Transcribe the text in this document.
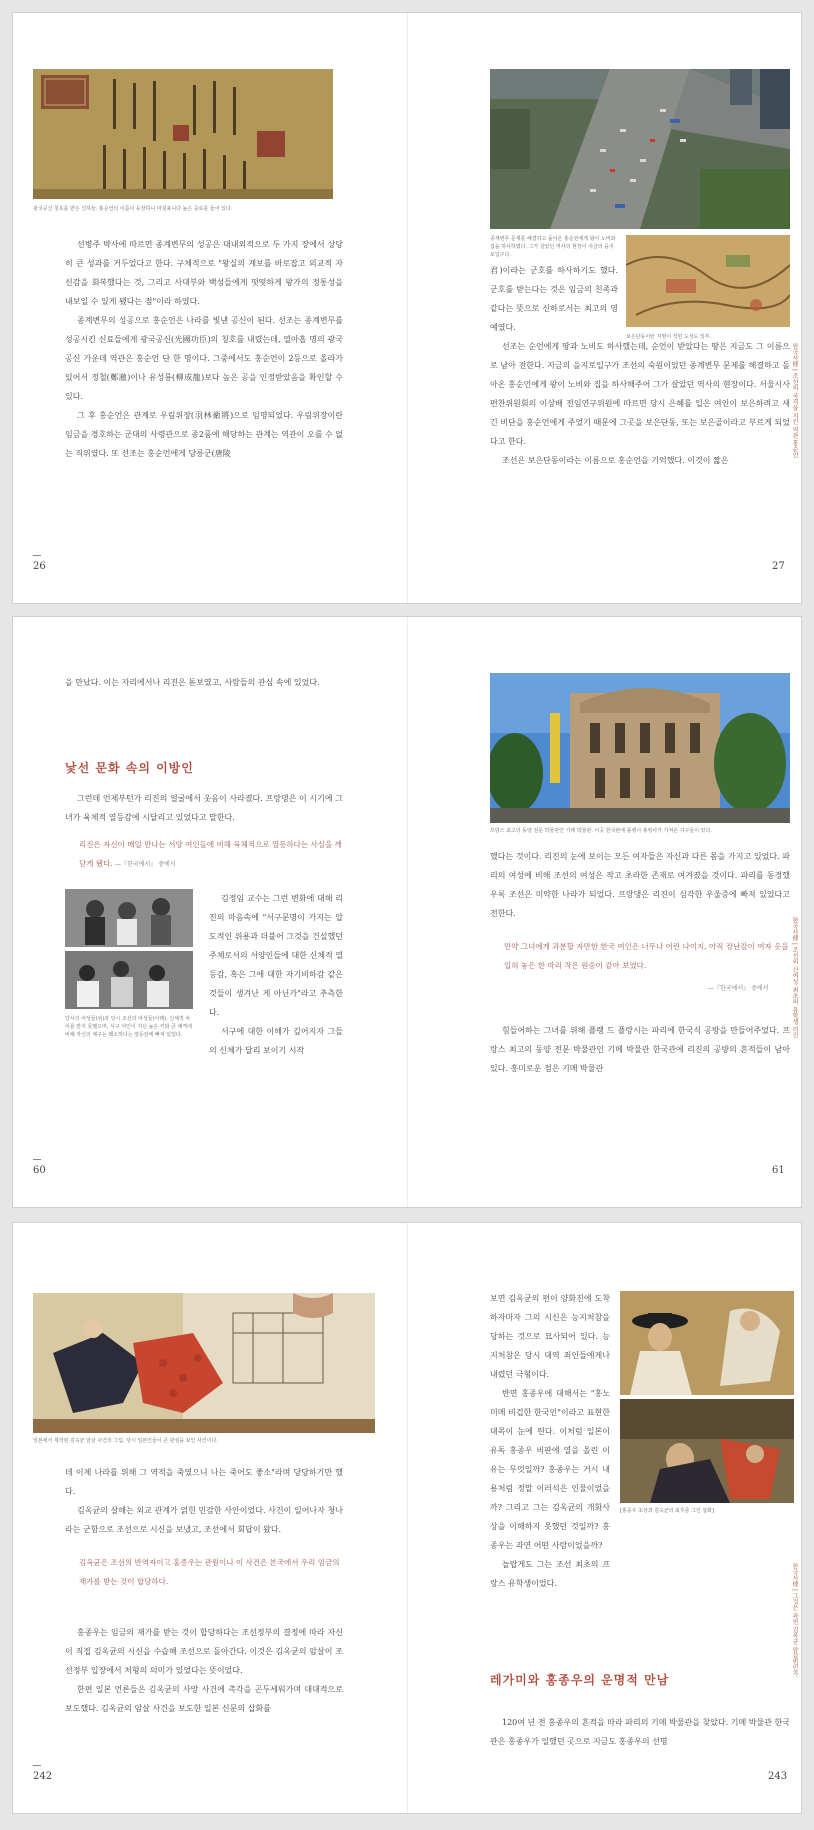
광국공신 칭호를 받은 신하들. 홍순언의 이름이 등장하니 마침표니다 높은 공로를 들어 있다.

선병주 박사에 따르면 종계변무의 성공은 대내외적으로 두 가지 장에서 상당히 큰 성과를 거두었다고 한다. 구체적으로 "왕실의 계보를 바로잡고 외교적 자신감을 회복했다는 것, 그리고 사대부와 백성들에게 떳떳하게 왕가의 정통성을 내보일 수 있게 됐다는 점"이라 하였다.

종계변무의 성공으로 홍순언은 나라를 빛낸 공신이 된다. 선조는 종계변무를 성공시킨 신료들에게 광국공신(光國功臣)의 칭호를 내렸는데, 열아홉 명의 광국공신 가운데 역관은 홍순언 단 한 명이다. 그중에서도 홍순언이 2등으로 올라가 있어서 정철(鄭澈)이나 유성룡(柳成龍)보다 높은 공을 인정받았음을 확인할 수 있다.

그 후 홍순언은 관계로 우림위장(羽林衛將)으로 임명되었다. 우림위장이란 임금을 경호하는 군대의 사령관으로 종2품에 해당하는 관계는 역관이 오를 수 없는 직위였다. 또 선조는 홍순언에게 당릉군(唐陵

26
종계변무 문제를 해결하고 돌아온 홍순언에게 왕이 노비와 집을 하사하였다. 그가 살았던 역사의 현장이 지금의 을지로입구다.
보은단동이란 지명이 적힌 도성도 일부.

君)이라는 군호를 하사하기도 했다. 군호를 받는다는 것은 임금의 친족과 같다는 뜻으로 신하로서는 최고의 영예였다.

선조는 순언에게 땅과 노비도 하사했는데, 순언이 받았다는 땅은 지금도 그 이름으로 남아 전한다. 지금의 을지로입구가 조선의 숙원이었던 종계변무 문제를 해결하고 돌아온 홍순언에게 왕이 노비와 집을 하사해주어 그가 살았던 역사의 현장이다. 서울시사편찬위원회의 이상배 전임연구위원에 따르면 당시 은혜를 입은 여인이 보은하려고 새긴 비단을 홍순언에게 주었기 때문에 그곳을 보은단동, 또는 보은골이라고 부르게 되었다고 한다.

조선은 보은단동이라는 이름으로 홍순언을 기억했다. 이것이 짧은

한국사傳 | 조선의 국격을 지킨 역관 홍순언
27

을 만났다. 이는 자리에서나 리진은 돋보였고, 사람들의 관심 속에 있었다.

낯선 문화 속의 이방인

그런데 언제부턴가 리진의 얼굴에서 웃음이 사라졌다. 프랑댕은 이 시기에 그녀가 육체적 열등감에 시달리고 있었다고 말한다.

리진은 자신이 매일 만나는 서양 여인들에 비해 육체적으로 열등하다는 사실을 깨닫게 됐다. —『한국에서』 중에서
당시의 여성들(위)과 당시 조선의 여성들(아래). 신체적 차이를 받지 못했으며, 서구 여인이 지닌 높은 키와 큰 체격에 비해 자신의 체구는 왜소하다는 열등감에 빠져 있었다.

김정임 교수는 그런 변화에 대해 리진의 마음속에 "서구문명이 가지는 압도적인 위용과 더불어 그것을 건설했던 주체로서의 서양인들에 대한 신체적 열등감, 혹은 그에 대한 자기비하감 같은 것들이 생겨난 게 아닌가"라고 추측한다.

서구에 대한 이해가 깊어지자 그들의 신체가 달리 보이기 시작

60
프랑스 최고의 동양 전문 박물관인 기메 박물관. 이곳 한국관에 플랭시 총영사가 가져온 가구들이 있다.

했다는 것이다. 리진의 눈에 보이는 모든 여자들은 자신과 다른 몸을 가지고 있었다. 파리의 여성에 비해 조선의 여성은 작고 초라한 존재로 여겨졌을 것이다. 파리를 동경했우록 조선은 미약한 나라가 되었다. 프랑댕은 리진이 심각한 우울증에 빠져 있었다고 전한다.

만약 그녀에게 과분할 자만한 한국 여인은 너무나 어린 나이지, 아직 장난감이 여자 옷을 입혀 놓은 한 마리 작은 원숭이 같아 보였다.
—『한국에서』 중에서

힘들어하는 그녀를 위해 플랭 드 플랑시는 파리에 한국식 공방을 만들어주었다. 프랑스 최고의 동양 전문 박물관인 기메 박물관 한국관에 리진의 공방의 흔적들이 남아 있다. 흥미로운 점은 기메 박물관

한국사傳 | 조선의 신여성 최초의 유학생 리진
61
일본에서 제작된 김옥균 암살 사건의 그림. 당시 일본인들이 큰 관심을 보인 사건이다.

데 이제 나라를 위해 그 역적을 죽였으니 나는 죽어도 좋소"라며 당당하기만 했다.

김옥균의 살해는 외교 관계가 얽힌 민감한 사안이었다. 사건이 일어나자 청나라는 군함으로 조선으로 시신을 보냈고, 조선에서 회답이 왔다.

김옥균은 조선의 반역자이고 홍종우는 관원이니 이 사건은 본국에서 우리 임금의 재가를 받는 것이 합당하다.

홍종우는 임금의 재가를 받는 것이 합당하다는 조선정부의 결정에 따라 자신이 직접 김옥균의 시신을 수습해 조선으로 돌아간다. 이것은 김옥균의 암살이 조선정부 입장에서 처형의 의미가 있었다는 뜻이었다.

한편 일본 언론들은 김옥균의 사망 사건에 촉각을 곤두세워가며 대대적으로 보도했다. 김옥균의 암살 사건을 보도한 일본 신문의 삽화를

242

보면 김옥균의 편이 양화진에 도착하자마자 그의 시신은 능지처참을 당하는 것으로 묘사되어 있다. 능지처참은 당시 대역 죄인들에게나 내렸던 극형이다.

반면 홍종우에 대해서는 "홍노미메 비겁한 한국인"이라고 표현한 대목이 눈에 띈다. 이처럼 일본이 유독 홍종우 비판에 열을 올린 이유는 무엇일까? 홍종우는 거시 내용처럼 정말 이러석은 인물이었을까? 그리고 그는 김옥균의 개화사상을 이해하지 못했던 것일까? 홍종우는 과연 어떤 사람이었을까?

놀랍게도 그는 조선 최초의 프랑스 유학생이었다.

[홍종우 초상과 김옥균의 최후를 그린 삽화]
레가미와 홍종우의 운명적 만남

120여 년 전 홍종우의 흔적을 따라 파리의 기메 박물관을 찾았다. 기메 박물관 한국관은 홍종우가 일했던 곳으로 지금도 홍종우의 선명

한국사傳 | 그것은 과연 김옥균 암살범인가
243
